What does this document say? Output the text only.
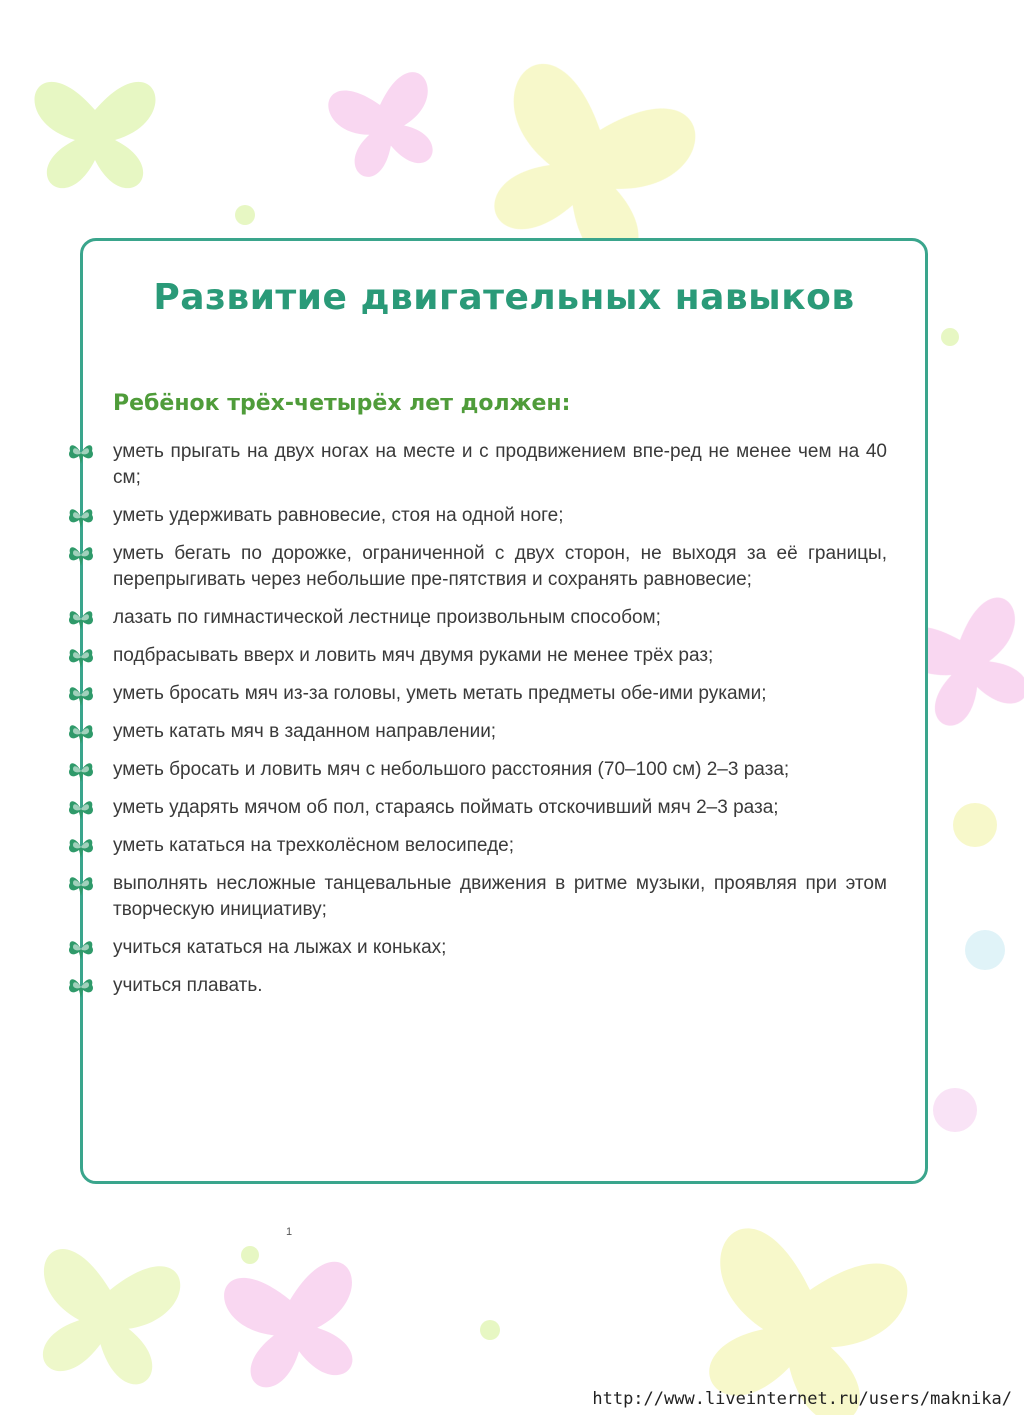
Развитие двигательных навыков
Ребёнок трёх-четырёх лет должен:
уметь прыгать на двух ногах на месте и с продвижением впе-ред не менее чем на 40 см;
уметь удерживать равновесие, стоя на одной ноге;
уметь бегать по дорожке, ограниченной с двух сторон, не выходя за её границы, перепрыгивать через небольшие пре-пятствия и сохранять равновесие;
лазать по гимнастической лестнице произвольным способом;
подбрасывать вверх и ловить мяч двумя руками не менее трёх раз;
уметь бросать мяч из-за головы, уметь метать предметы обе-ими руками;
уметь катать мяч в заданном направлении;
уметь бросать и ловить мяч с небольшого расстояния (70–100 см) 2–3 раза;
уметь ударять мячом об пол, стараясь поймать отскочивший мяч 2–3 раза;
уметь кататься на трехколёсном велосипеде;
выполнять несложные танцевальные движения в ритме музыки, проявляя при этом творческую инициативу;
учиться кататься на лыжах и коньках;
учиться плавать.
1
http://www.liveinternet.ru/users/maknika/
